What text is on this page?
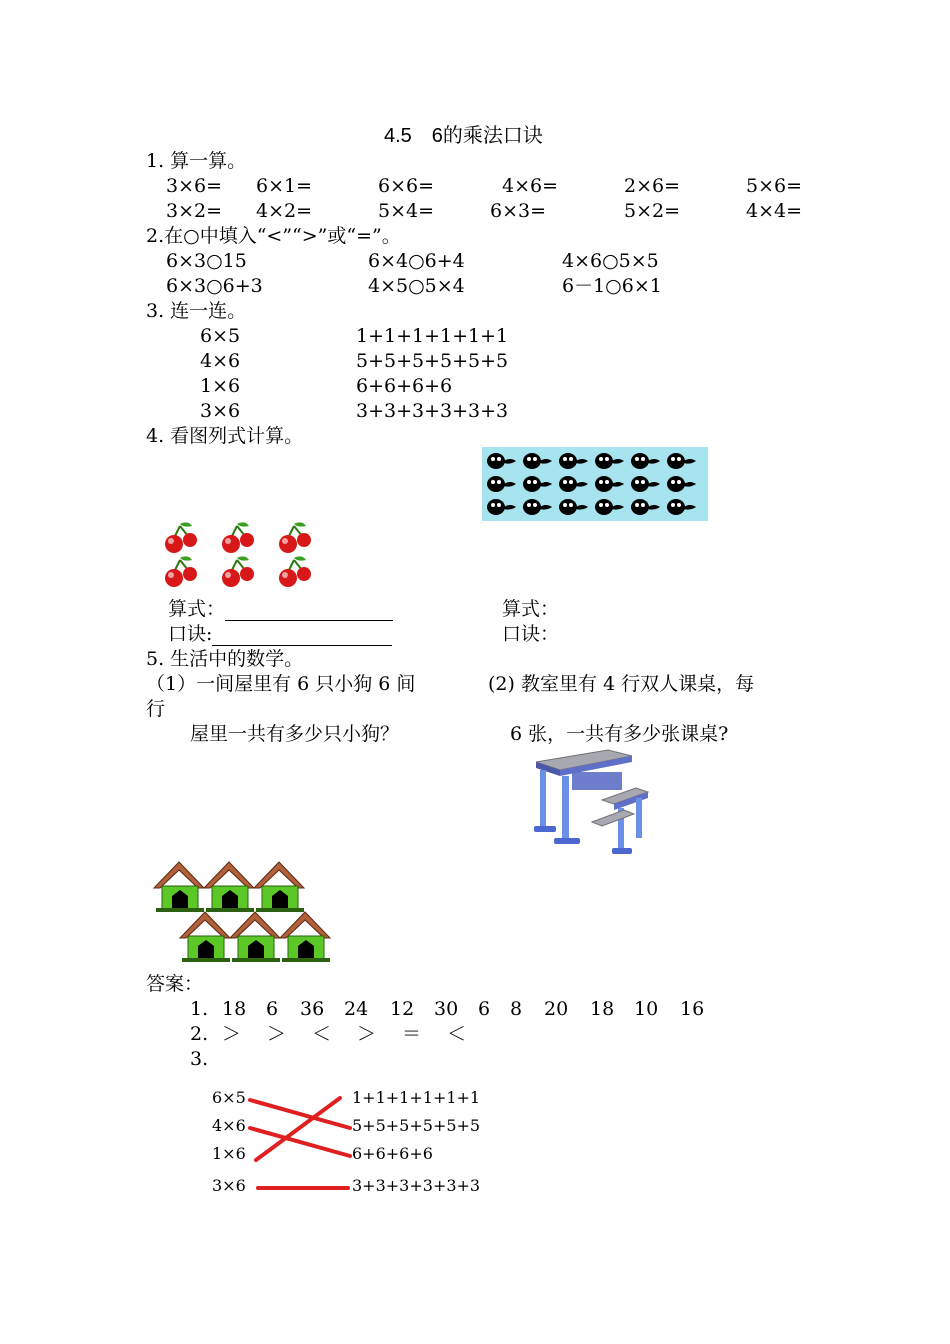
4.5　6的乘法口诀
1. 算一算。
3×6= 6×1=	6×6=	4×6=	2×6=	5×6=
3×2= 4×2=	5×4=	6×3=	5×2=	4×4=
2.在○中填入“<”“>”或“=”。
6×3○15	6×4○6+4	4×6○5×5
6×3○6+3	4×5○5×4	6－1○6×1
3. 连一连。
6×5
4×6
1×6
3×6
1+1+1+1+1+1
5+5+5+5+5+5
6+6+6+6
3+3+3+3+3+3
4. 看图列式计算。
算式：
口诀:
算式：
口诀：
5. 生活中的数学。
（1）一间屋里有 6 只小狗 6 间
行
屋里一共有多少只小狗？
(2) 教室里有 4 行双人课桌，每
6 张，一共有多少张课桌?
答案：
1. 18 6 36 24 12 30 6 8 20 18 10 16
2. ＞ ＞ ＜ ＞ ＝ ＜
3.
6×5
4×6
1×6
3×6
1+1+1+1+1+1
5+5+5+5+5+5
6+6+6+6
3+3+3+3+3+3
